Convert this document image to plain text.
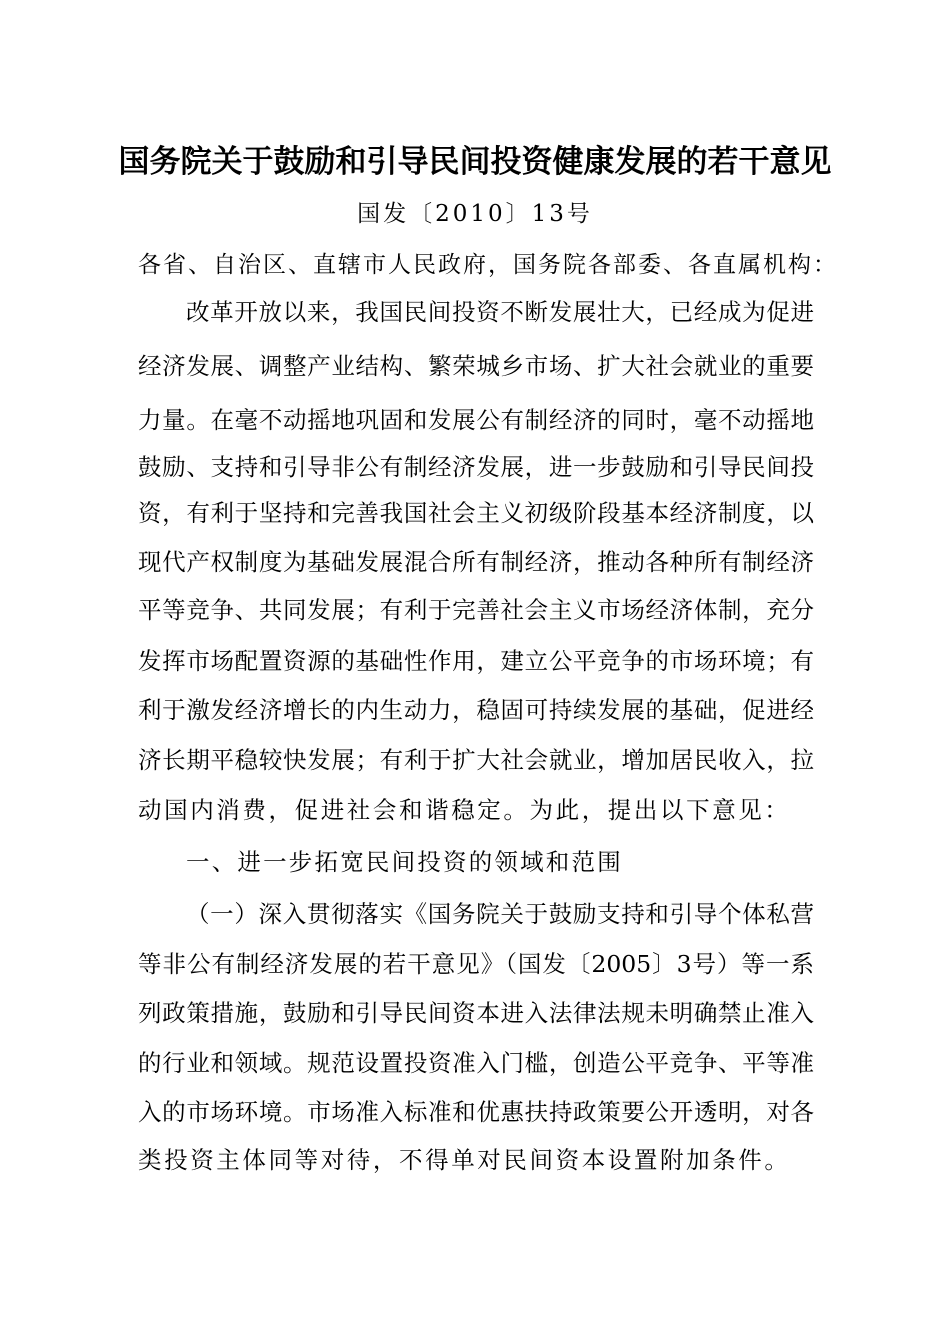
国务院关于鼓励和引导民间投资健康发展的若干意见
国发〔2010〕13号
各省、自治区、直辖市人民政府，国务院各部委、各直属机构：
改革开放以来，我国民间投资不断发展壮大，已经成为促进
经济发展、调整产业结构、繁荣城乡市场、扩大社会就业的重要
力量。在毫不动摇地巩固和发展公有制经济的同时，毫不动摇地
鼓励、支持和引导非公有制经济发展，进一步鼓励和引导民间投
资，有利于坚持和完善我国社会主义初级阶段基本经济制度，以
现代产权制度为基础发展混合所有制经济，推动各种所有制经济
平等竞争、共同发展；有利于完善社会主义市场经济体制，充分
发挥市场配置资源的基础性作用，建立公平竞争的市场环境；有
利于激发经济增长的内生动力，稳固可持续发展的基础，促进经
济长期平稳较快发展；有利于扩大社会就业，增加居民收入，拉
动国内消费，促进社会和谐稳定。为此，提出以下意见：
一、进一步拓宽民间投资的领域和范围
（一）深入贯彻落实《国务院关于鼓励支持和引导个体私营
等非公有制经济发展的若干意见》（国发〔2005〕3号）等一系
列政策措施，鼓励和引导民间资本进入法律法规未明确禁止准入
的行业和领域。规范设置投资准入门槛，创造公平竞争、平等准
入的市场环境。市场准入标准和优惠扶持政策要公开透明，对各
类投资主体同等对待，不得单对民间资本设置附加条件。
